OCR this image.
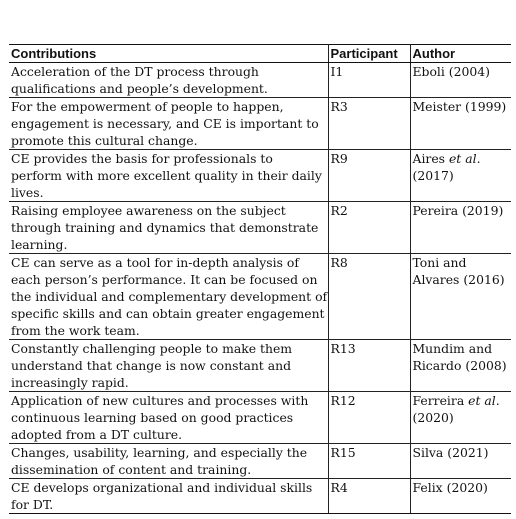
Contributions	Participant	Author
Acceleration of the DT process through qualifications and people’s development.	I1	Eboli (2004)
For the empowerment of people to happen, engagement is necessary, and CE is important to promote this cultural change.	R3	Meister (1999)
CE provides the basis for professionals to perform with more excellent quality in their daily lives.	R9	Aires et al. (2017)
Raising employee awareness on the subject through training and dynamics that demonstrate learning.	R2	Pereira (2019)
CE can serve as a tool for in-depth analysis of each person’s performance. It can be focused on the individual and complementary development of specific skills and can obtain greater engagement from the work team.	R8	Toni and Alvares (2016)
Constantly challenging people to make them understand that change is now constant and increasingly rapid.	R13	Mundim and Ricardo (2008)
Application of new cultures and processes with continuous learning based on good practices adopted from a DT culture.	R12	Ferreira et al. (2020)
Changes, usability, learning, and especially the dissemination of content and training.	R15	Silva (2021)
CE develops organizational and individual skills for DT.	R4	Felix (2020)
